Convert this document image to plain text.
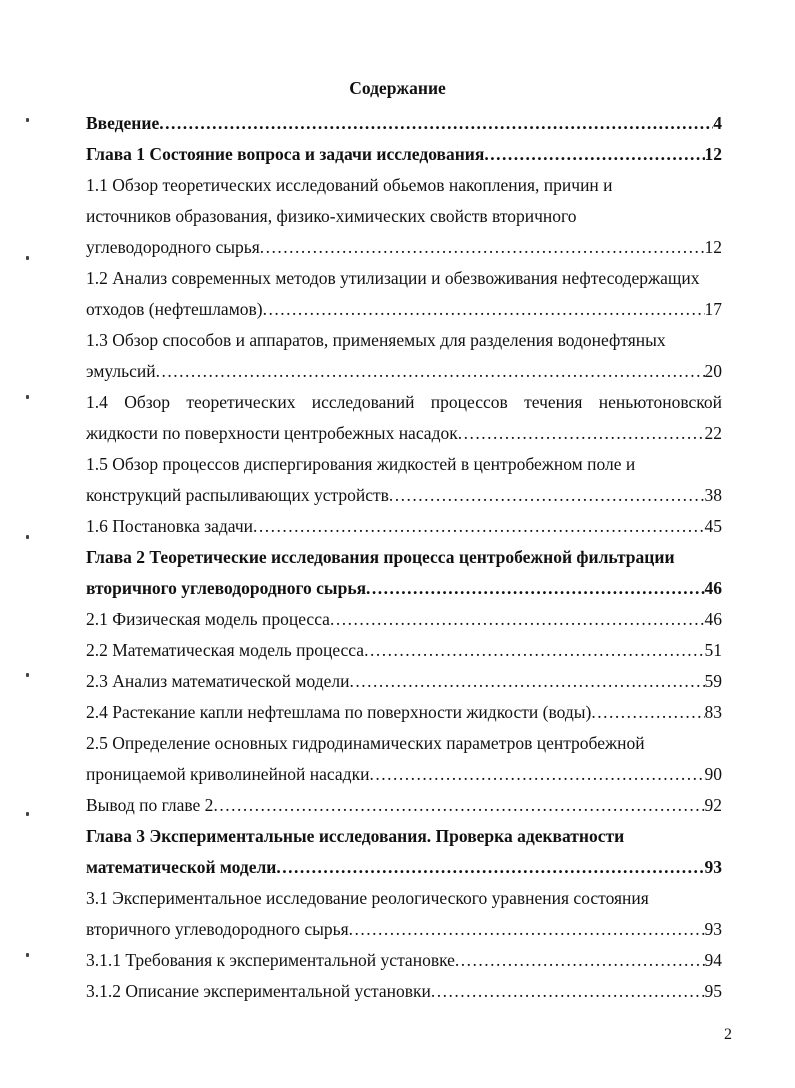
Содержание
Введение .....	4
Глава 1 Состояние вопроса и задачи исследования .....	12
1.1 Обзор теоретических исследований обьемов накопления, причин и
источников образования, физико-химических свойств вторичного
углеводородного сырья .....	12
1.2 Анализ современных методов утилизации и обезвоживания нефтесодержащих
отходов (нефтешламов) .....	17
1.3 Обзор способов и аппаратов, применяемых для разделения водонефтяных
эмульсий .....	20
1.4 Обзор теоретических исследований процессов течения неньютоновской
жидкости по поверхности центробежных насадок .....	22
1.5 Обзор процессов диспергирования жидкостей в центробежном поле и
конструкций распыливающих устройств .....	38
1.6 Постановка задачи .....	45
Глава 2 Теоретические исследования процесса центробежной фильтрации
вторичного углеводородного сырья .....	46
2.1 Физическая модель процесса .....	46
2.2 Математическая модель процесса .....	51
2.3 Анализ математической модели .....	59
2.4 Растекание капли нефтешлама по поверхности жидкости (воды) .....	83
2.5 Определение основных гидродинамических параметров центробежной
проницаемой криволинейной насадки .....	90
Вывод по главе 2 .....	92
Глава 3 Экспериментальные исследования. Проверка адекватности
математической модели .....	93
3.1 Экспериментальное исследование реологического уравнения состояния
вторичного углеводородного сырья .....	93
3.1.1 Требования к экспериментальной установке .....	94
3.1.2 Описание экспериментальной установки .....	95
2
